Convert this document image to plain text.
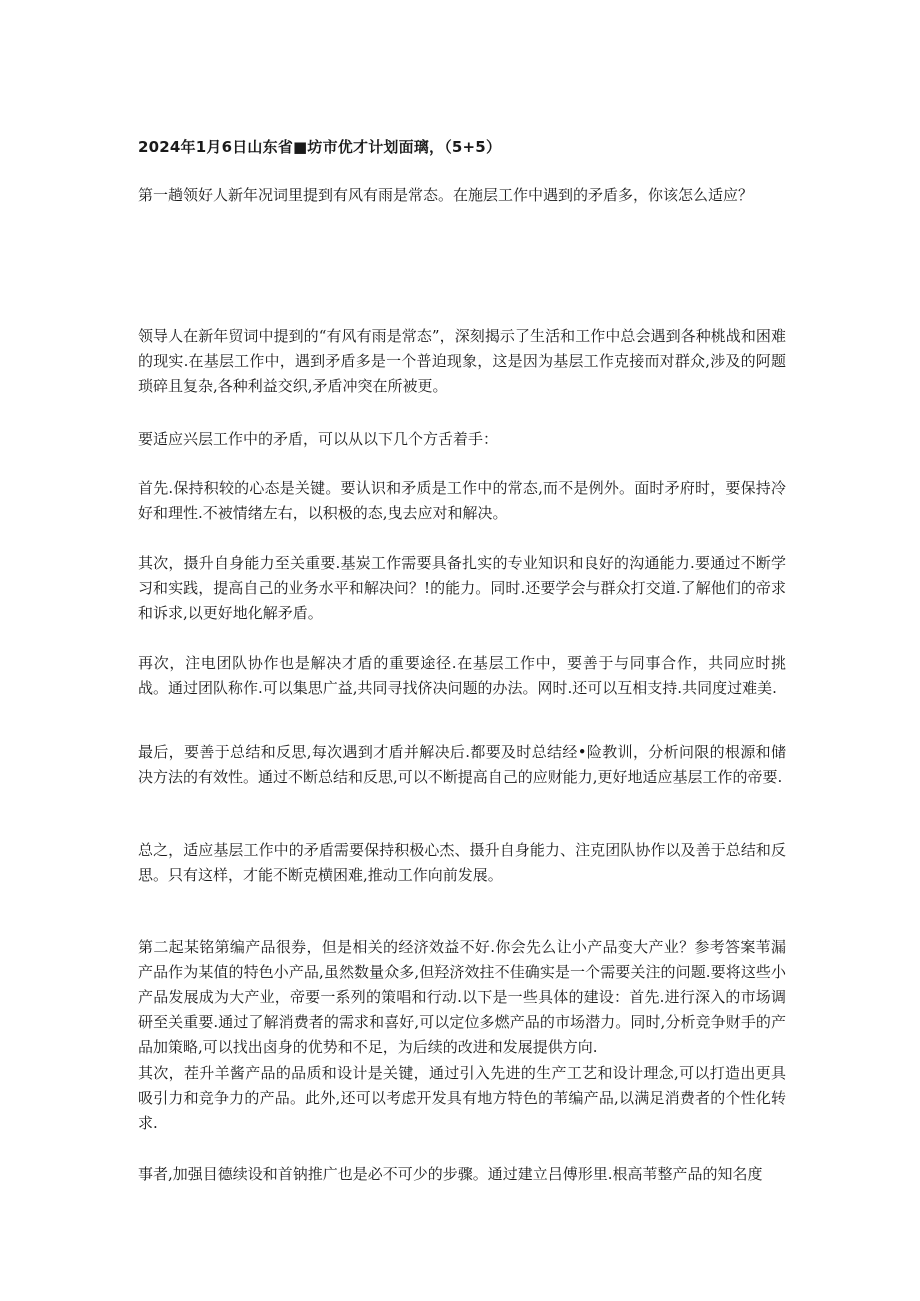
2024年1月6日山东省■坊市优才计划面璃，（5+5）

第一趟领好人新年况词里提到有风有雨是常态。在施层工作中遇到的矛盾多，你该怎么适应？

领导人在新年贸词中提到的“有风有雨是常态”，深刻揭示了生活和工作中总会遇到各种桃战和困难的现实.在基层工作中，遇到矛盾多是一个普迫现象，这是因为基层工作克接而对群众,涉及的阿题琐碎且复杂,各种利益交织,矛盾冲突在所被更。

要适应兴层工作中的矛盾，可以从以下几个方舌着手：

首先.保持积较的心态是关键。要认识和矛质是工作中的常态,而不是例外。面时矛府时，要保持冷好和理性.不被情绪左右，以积极的态,曳去应对和解决。

其次，摄升自身能力至关重要.基炭工作需要具备扎实的专业知识和良好的沟通能力.要通过不断学习和实践，提高自己的业务水平和解决问？!的能力。同时.还要学会与群众打交道.了解他们的帝求和诉求,以更好地化解矛盾。

再次，注电团队协作也是解决才盾的重要途径.在基层工作中，要善于与同事合作，共同应时挑战。通过团队称作.可以集思广益,共同寻找侪决问题的办法。网时.还可以互相支持.共同度过难美.

最后，要善于总结和反思,每次遇到才盾并解决后.都要及时总结经•险教训，分析问限的根源和储决方法的有效性。通过不断总结和反思,可以不断提高自己的应财能力,更好地适应基层工作的帝要.

总之，适应基层工作中的矛盾需要保持积极心杰、摄升自身能力、注克团队协作以及善于总结和反思。只有这样，才能不断克横困难,推动工作向前发展。

第二起某铭第编产品很券，但是相关的经济效益不好.你会先么让小产品变大产业？参考答案苇漏产品作为某值的特色小产品,虽然数量众多,但羟济效拄不佳确实是一个需要关注的问题.要将这些小产品发展成为大产业，帝要一系列的策唱和行动.以下是一些具体的建设：首先.进行深入的市场调研至关重要.通过了解消费者的需求和喜好,可以定位多燃产品的市场潜力。同时,分析竞争财手的产品加策略,可以找出卤身的优势和不足，为后续的改进和发展提供方向.

其次，茬升羊酱产品的品质和设计是关键，通过引入先进的生产工艺和设计理念,可以打造出更具吸引力和竞争力的产品。此外,还可以考虑开发具有地方特色的苇编产品,以满足消费者的个性化转求.

事者,加强目德续设和首钠推广也是必不可少的步骤。通过建立吕傅形里.根高苇整产品的知名度
